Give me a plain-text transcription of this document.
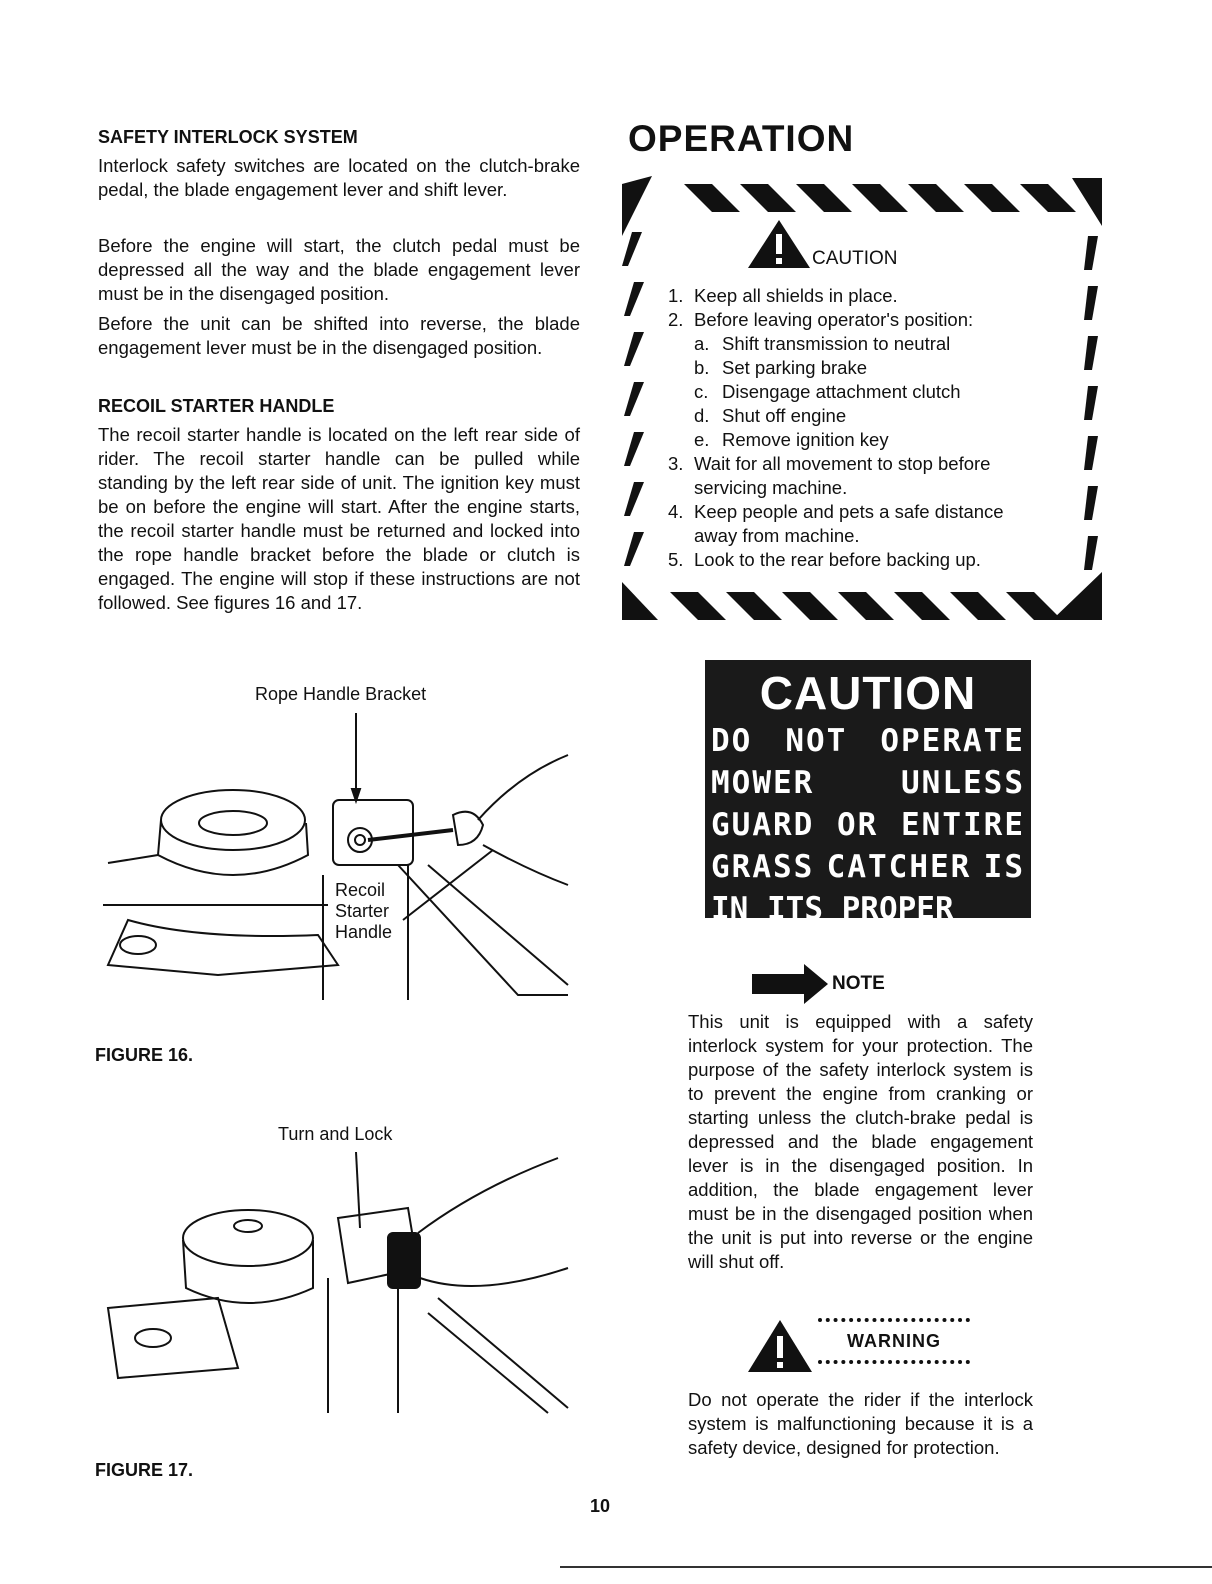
SAFETY INTERLOCK SYSTEM

Interlock safety switches are located on the clutch-brake pedal, the blade engagement lever and shift lever.

Before the engine will start, the clutch pedal must be depressed all the way and the blade engagement lever must be in the disengaged position.

Before the unit can be shifted into reverse, the blade engagement lever must be in the disengaged position.

RECOIL STARTER HANDLE

The recoil starter handle is located on the left rear side of rider. The recoil starter handle can be pulled while standing by the left rear side of unit. The ignition key must be on before the engine will start. After the engine starts, the recoil starter handle must be returned and locked into the rope handle bracket before the blade or clutch is engaged. The engine will stop if these instructions are not followed. See figures 16 and 17.

Rope Handle Bracket
Recoil
Starter
Handle
FIGURE 16.
Turn and Lock
FIGURE 17.
OPERATION
CAUTION
1. Keep all shields in place.
2. Before leaving operator's position:
a. Shift transmission to neutral
b. Set parking brake
c. Disengage attachment clutch
d. Shut off engine
e. Remove ignition key
3. Wait for all movement to stop before
servicing machine.
4. Keep people and pets a safe distance
away from machine.
5. Look to the rear before backing up.
CAUTION
DO NOT OPERATE
MOWER	UNLESS
GUARD OR ENTIRE
GRASS CATCHER IS
IN ITS PROPER PLACE.
NOTE

This unit is equipped with a safety interlock system for your protection. The purpose of the safety interlock system is to prevent the engine from cranking or starting unless the clutch-brake pedal is depressed and the blade engagement lever is in the disengaged position. In addition, the blade engagement lever must be in the disengaged position when the unit is put into reverse or the engine will shut off.

WARNING

Do not operate the rider if the interlock system is malfunctioning because it is a safety device, designed for protection.

10
